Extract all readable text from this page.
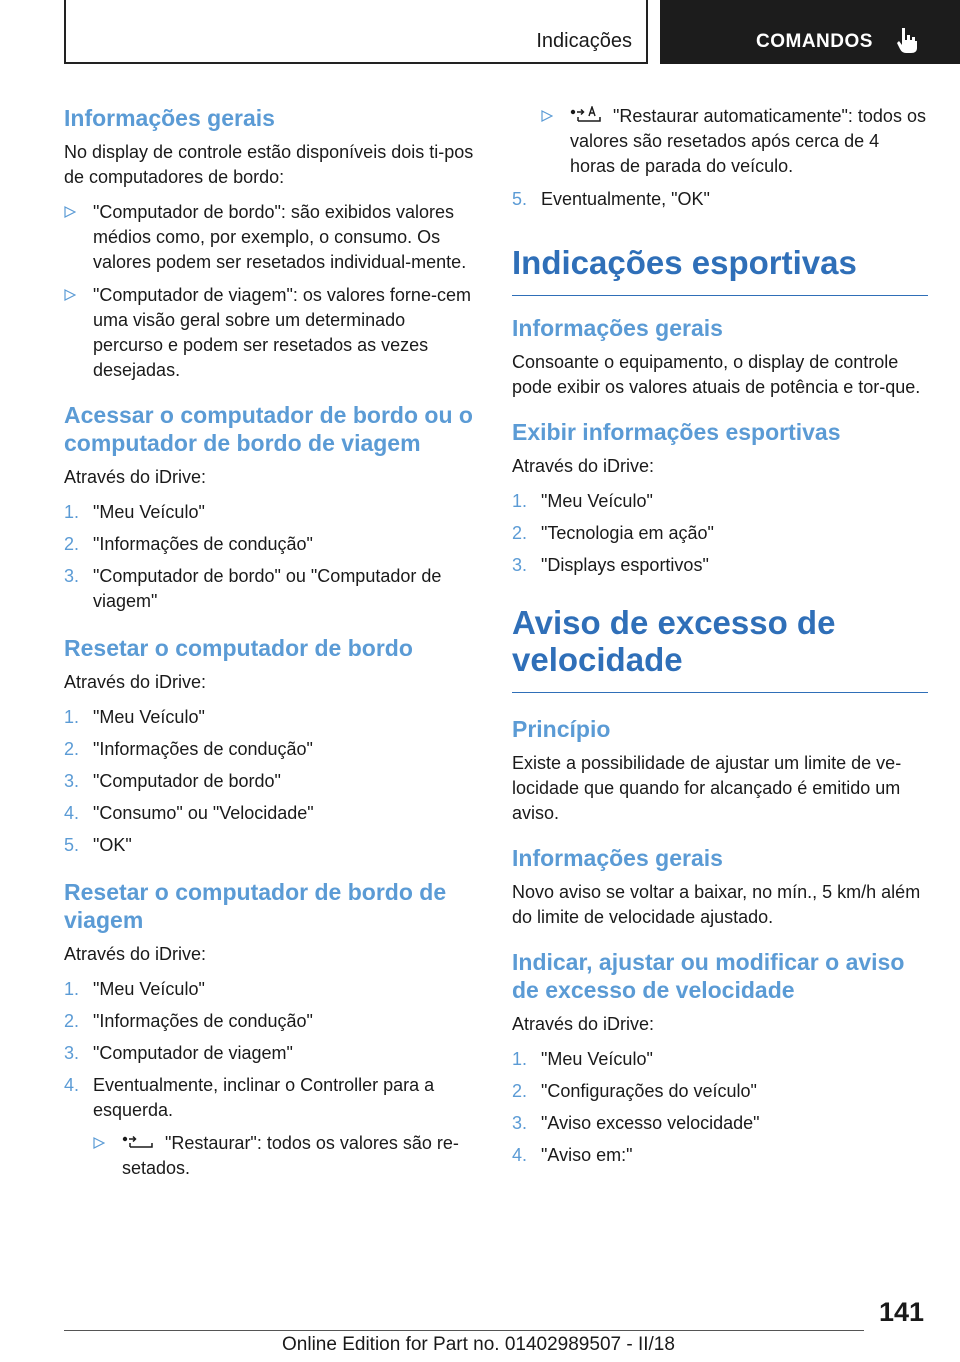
Indicações	COMANDOS
Informações gerais

No display de controle estão disponíveis dois ti-pos de computadores de bordo:

"Computador de bordo": são exibidos valores médios como, por exemplo, o consumo. Os valores podem ser resetados individual-mente.
"Computador de viagem": os valores forne-cem uma visão geral sobre um determinado percurso e podem ser resetados as vezes desejadas.
Acessar o computador de bordo ou o computador de bordo de viagem

Através do iDrive:

1. "Meu Veículo"
2. "Informações de condução"
3. "Computador de bordo" ou "Computador de viagem"
Resetar o computador de bordo

Através do iDrive:

1. "Meu Veículo"
2. "Informações de condução"
3. "Computador de bordo"
4. "Consumo" ou "Velocidade"
5. "OK"
Resetar o computador de bordo de viagem

Através do iDrive:

1. "Meu Veículo"
2. "Informações de condução"
3. "Computador de viagem"
4. Eventualmente, inclinar o Controller para a esquerda.
"Restaurar": todos os valores são re-setados.
"Restaurar automaticamente": todos os valores são resetados após cerca de 4 horas de parada do veículo.
5. Eventualmente, "OK"
Indicações esportivas
Informações gerais

Consoante o equipamento, o display de controle pode exibir os valores atuais de potência e tor-que.

Exibir informações esportivas

Através do iDrive:

1. "Meu Veículo"
2. "Tecnologia em ação"
3. "Displays esportivos"
Aviso de excesso de velocidade
Princípio

Existe a possibilidade de ajustar um limite de ve-locidade que quando for alcançado é emitido um aviso.

Informações gerais

Novo aviso se voltar a baixar, no mín., 5 km/h além do limite de velocidade ajustado.

Indicar, ajustar ou modificar o aviso de excesso de velocidade

Através do iDrive:

1. "Meu Veículo"
2. "Configurações do veículo"
3. "Aviso excesso velocidade"
4. "Aviso em:"
141
Online Edition for Part no. 01402989507 - II/18
